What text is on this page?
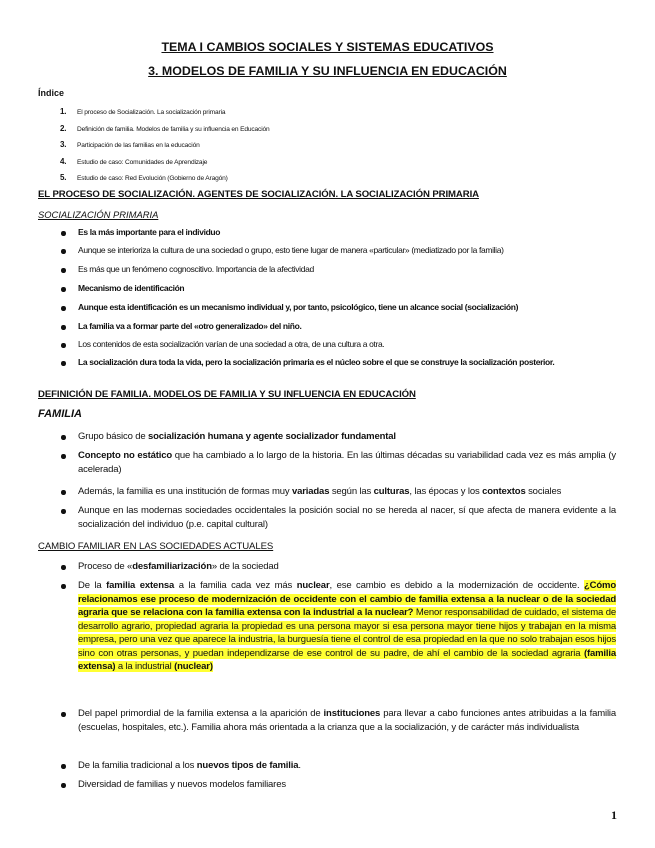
TEMA I CAMBIOS SOCIALES Y SISTEMAS EDUCATIVOS
3. MODELOS DE FAMILIA Y SU INFLUENCIA EN EDUCACIÓN
Índice
1. El proceso de Socialización. La socialización primaria
2. Definición de familia. Modelos de familia y su influencia en Educación
3. Participación de las familias en la educación
4. Estudio de caso: Comunidades de Aprendizaje
5. Estudio de caso: Red Evolución (Gobierno de Aragón)
EL PROCESO DE SOCIALIZACIÓN. AGENTES DE SOCIALIZACIÓN. LA SOCIALIZACIÓN PRIMARIA
SOCIALIZACIÓN PRIMARIA
Es la más importante para el individuo
Aunque se interioriza la cultura de una sociedad o grupo, esto tiene lugar de manera «particular» (mediatizado por la familia)
Es más que un fenómeno cognoscitivo. Importancia de la afectividad
Mecanismo de identificación
Aunque esta identificación es un mecanismo individual y, por tanto, psicológico, tiene un alcance social (socialización)
La familia va a formar parte del «otro generalizado» del niño.
Los contenidos de esta socialización varían de una sociedad a otra, de una cultura a otra.
La socialización dura toda la vida, pero la socialización primaria es el núcleo sobre el que se construye la socialización posterior.
DEFINICIÓN DE FAMILIA. MODELOS DE FAMILIA Y SU INFLUENCIA EN EDUCACIÓN
FAMILIA
Grupo básico de socialización humana y agente socializador fundamental
Concepto no estático que ha cambiado a lo largo de la historia. En las últimas décadas su variabilidad cada vez es más amplia (y acelerada)
Además, la familia es una institución de formas muy variadas según las culturas, las épocas y los contextos sociales
Aunque en las modernas sociedades occidentales la posición social no se hereda al nacer, sí que afecta de manera evidente a la socialización del individuo (p.e. capital cultural)
CAMBIO FAMILIAR EN LAS SOCIEDADES ACTUALES
Proceso de «desfamiliarización» de la sociedad
De la familia extensa a la familia cada vez más nuclear, ese cambio es debido a la modernización de occidente. ¿Cómo relacionamos ese proceso de modernización de occidente con el cambio de familia extensa a la nuclear o de la sociedad agraria que se relaciona con la familia extensa con la industrial a la nuclear? Menor responsabilidad de cuidado, el sistema de desarrollo agrario, propiedad agraria la propiedad es una persona mayor si esa persona mayor tiene hijos y trabajan en la misma empresa, pero una vez que aparece la industria, la burguesía tiene el control de esa propiedad en la que no solo trabajan esos hijos sino con otras personas, y puedan independizarse de ese control de su padre, de ahí el cambio de la sociedad agraria (familia extensa) a la industrial (nuclear)
Del papel primordial de la familia extensa a la aparición de instituciones para llevar a cabo funciones antes atribuidas a la familia (escuelas, hospitales, etc.). Familia ahora más orientada a la crianza que a la socialización, y de carácter más individualista
De la familia tradicional a los nuevos tipos de familia.
Diversidad de familias y nuevos modelos familiares
1
